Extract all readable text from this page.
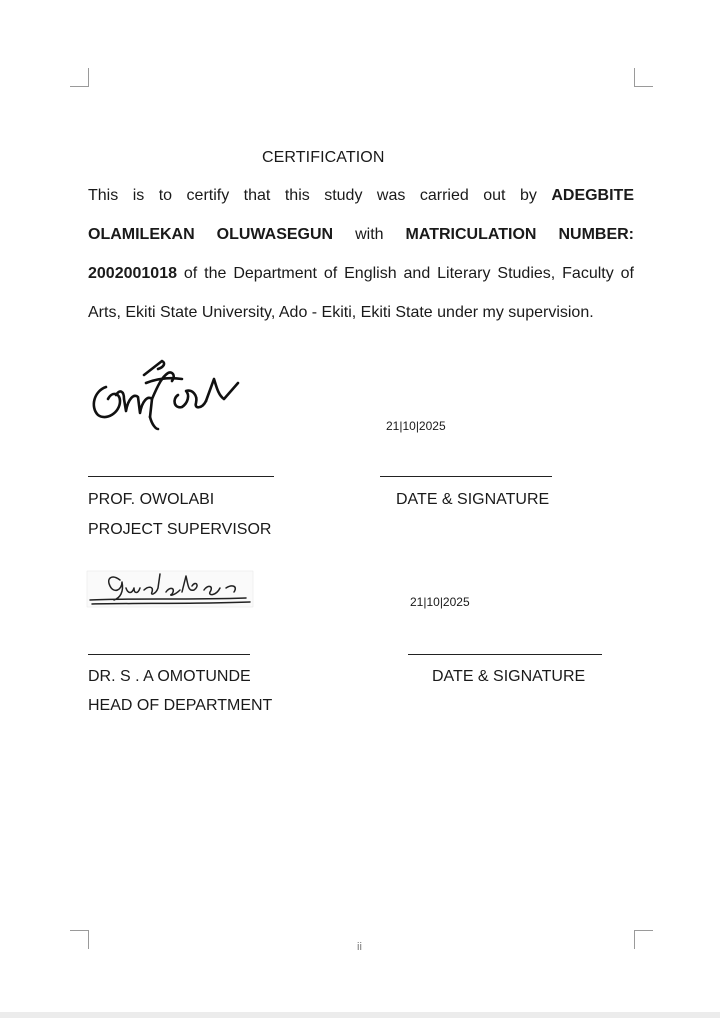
CERTIFICATION
This is to certify that this study was carried out by ADEGBITE OLAMILEKAN OLUWASEGUN with MATRICULATION NUMBER: 2002001018 of the Department of English and Literary Studies, Faculty of Arts, Ekiti State University, Ado - Ekiti, Ekiti State under my supervision.
21|10|2025
PROF. OWOLABI	DATE & SIGNATURE
PROJECT SUPERVISOR
21|10|2025
DR. S . A OMOTUNDE	DATE & SIGNATURE
HEAD OF DEPARTMENT
ii
